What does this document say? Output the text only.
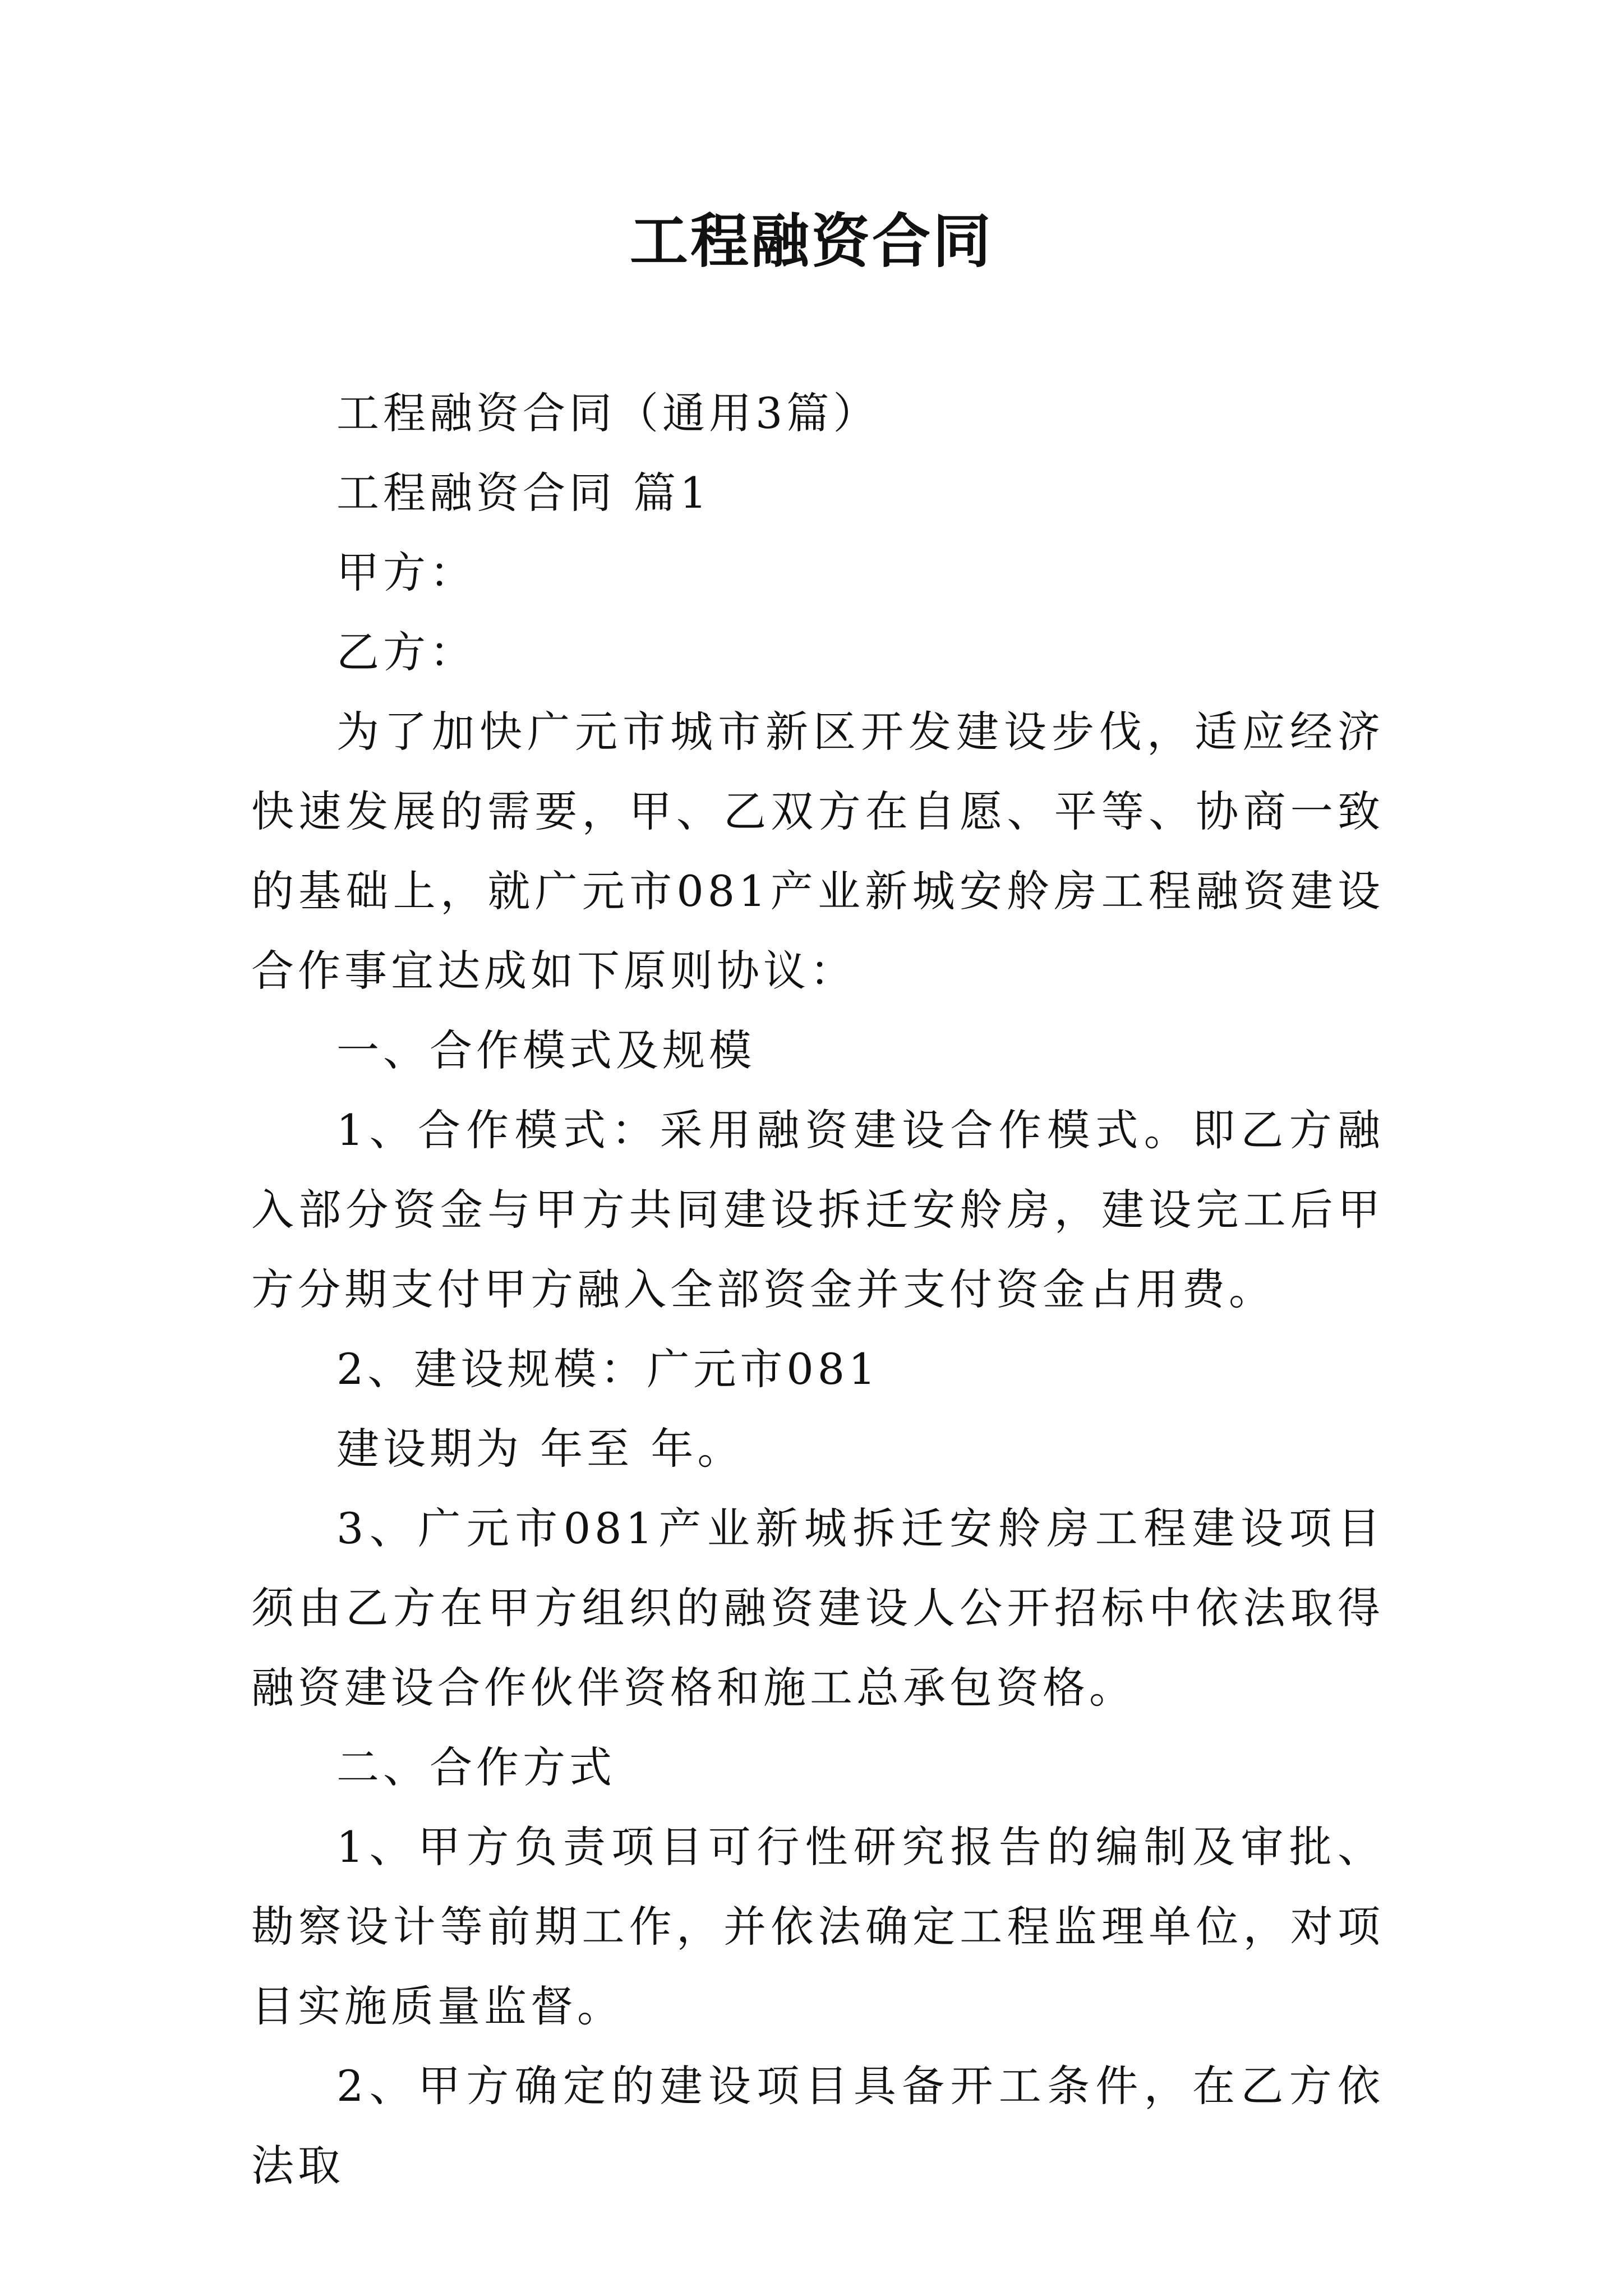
工程融资合同

工程融资合同（通用3篇）

工程融资合同 篇1

甲方：

乙方：

为了加快广元市城市新区开发建设步伐，适应经济快速发展的需要，甲、乙双方在自愿、平等、协商一致的基础上，就广元市081产业新城安舲房工程融资建设合作事宜达成如下原则协议：

一、合作模式及规模

1、合作模式：采用融资建设合作模式。即乙方融入部分资金与甲方共同建设拆迁安舲房，建设完工后甲方分期支付甲方融入全部资金并支付资金占用费。

2、建设规模：广元市081

建设期为 年至 年。

3、广元市081产业新城拆迁安舲房工程建设项目须由乙方在甲方组织的融资建设人公开招标中依法取得融资建设合作伙伴资格和施工总承包资格。

二、合作方式

1、甲方负责项目可行性研究报告的编制及审批、勘察设计等前期工作，并依法确定工程监理单位，对项目实施质量监督。

2、甲方确定的建设项目具备开工条件，在乙方依法取
